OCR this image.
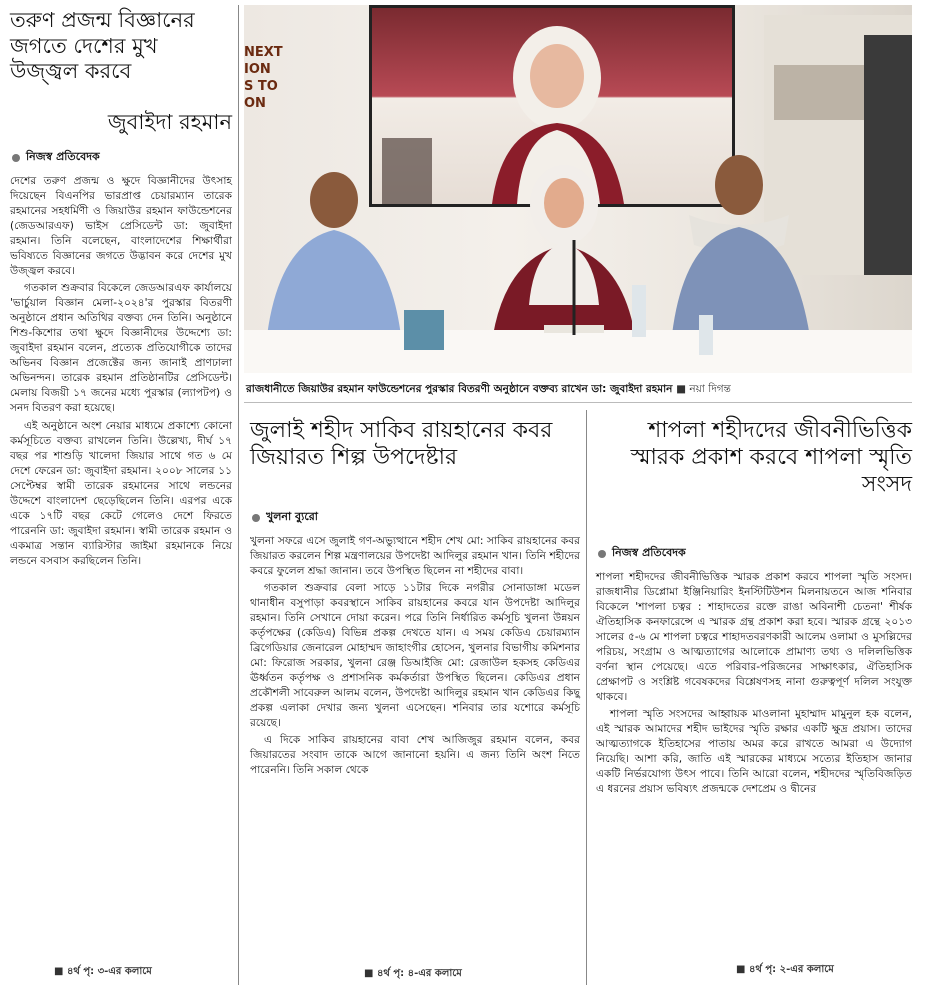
তরুণ প্রজন্ম বিজ্ঞানের জগতে দেশের মুখ উজ্জ্বল করবে
জুবাইদা রহমান
নিজস্ব প্রতিবেদক

দেশের তরুণ প্রজন্ম ও ক্ষুদে বিজ্ঞানীদের উৎসাহ দিয়েছেন বিএনপির ভারপ্রাপ্ত চেয়ারম্যান তারেক রহমানের সহধর্মিণী ও জিয়াউর রহমান ফাউন্ডেশনের (জেডআরএফ) ভাইস প্রেসিডেন্ট ডা: জুবাইদা রহমান। তিনি বলেছেন, বাংলাদেশের শিক্ষার্থীরা ভবিষ্যতে বিজ্ঞানের জগতে উদ্ভাবন করে দেশের মুখ উজ্জ্বল করবে।

গতকাল শুক্রবার বিকেলে জেডআরএফ কার্যালয়ে 'ভার্চুয়াল বিজ্ঞান মেলা-২০২৪'র পুরস্কার বিতরণী অনুষ্ঠানে প্রধান অতিথির বক্তব্য দেন তিনি। অনুষ্ঠানে শিশু-কিশোর তথা ক্ষুদে বিজ্ঞানীদের উদ্দেশ্যে ডা: জুবাইদা রহমান বলেন, প্রত্যেক প্রতিযোগীকে তাদের অভিনব বিজ্ঞান প্রজেক্টের জন্য জানাই প্রাণঢালা অভিনন্দন। তারেক রহমান প্রতিষ্ঠানটির প্রেসিডেন্ট। মেলায় বিজয়ী ১৭ জনের মধ্যে পুরস্কার (ল্যাপটপ) ও সনদ বিতরণ করা হয়েছে।

এই অনুষ্ঠানে অংশ নেয়ার মাধ্যমে প্রকাশ্যে কোনো কর্মসূচিতে বক্তব্য রাখলেন তিনি। উল্লেখ্য, দীর্ঘ ১৭ বছর পর শাশুড়ি খালেদা জিয়ার সাথে গত ৬ মে দেশে ফেরেন ডা: জুবাইদা রহমান। ২০০৮ সালের ১১ সেপ্টেম্বর স্বামী তারেক রহমানের সাথে লন্ডনের উদ্দেশে বাংলাদেশ ছেড়েছিলেন তিনি। এরপর একে একে ১৭টি বছর কেটে গেলেও দেশে ফিরতে পারেননি ডা: জুবাইদা রহমান। স্বামী তারেক রহমান ও একমাত্র সন্তান ব্যারিস্টার জাইমা রহমানকে নিয়ে লন্ডনে বসবাস করছিলেন তিনি।

■ ৪র্থ পৃ: ৩-এর কলামে
NEXT
ION
S TO
ON
রাজধানীতে জিয়াউর রহমান ফাউন্ডেশনের পুরস্কার বিতরণী অনুষ্ঠানে বক্তব্য রাখেন ডা: জুবাইদা রহমান ■ নয়া দিগন্ত
জুলাই শহীদ সাকিব রায়হানের কবর জিয়ারত শিল্প উপদেষ্টার
খুলনা ব্যুরো

খুলনা সফরে এসে জুলাই গণ-অভ্যুত্থানে শহীদ শেখ মো: সাকিব রায়হানের কবর জিয়ারত করলেন শিল্প মন্ত্রণালয়ের উপদেষ্টা আদিলুর রহমান খান। তিনি শহীদের কবরে ফুলেল শ্রদ্ধা জানান। তবে উপস্থিত ছিলেন না শহীদের বাবা।

গতকাল শুক্রবার বেলা সাড়ে ১১টার দিকে নগরীর সোনাডাঙ্গা মডেল থানাধীন বসুপাড়া কবরস্থানে সাকিব রায়হানের কবরে যান উপদেষ্টা আদিলুর রহমান। তিনি সেখানে দোয়া করেন। পরে তিনি নির্ধারিত কর্মসূচি খুলনা উন্নয়ন কর্তৃপক্ষের (কেডিএ) বিভিন্ন প্রকল্প দেখতে যান। এ সময় কেডিএ চেয়ারম্যান ব্রিগেডিয়ার জেনারেল মোহাম্মদ জাহাংগীর হোসেন, খুলনার বিভাগীয় কমিশনার মো: ফিরোজ সরকার, খুলনা রেঞ্জ ডিআইজি মো: রেজাউল হকসহ কেডিএর ঊর্ধ্বতন কর্তৃপক্ষ ও প্রশাসনিক কর্মকর্তারা উপস্থিত ছিলেন। কেডিএর প্রধান প্রকৌশলী সাবেরুল আলম বলেন, উপদেষ্টা আদিলুর রহমান খান কেডিএর কিছু প্রকল্প এলাকা দেখার জন্য খুলনা এসেছেন। শনিবার তার যশোরে কর্মসূচি রয়েছে।

এ দিকে সাকিব রায়হানের বাবা শেখ আজিজুর রহমান বলেন, কবর জিয়ারতের সংবাদ তাকে আগে জানানো হয়নি। এ জন্য তিনি অংশ নিতে পারেননি। তিনি সকাল থেকে

■ ৪র্থ পৃ: ৪-এর কলামে
শাপলা শহীদদের জীবনীভিত্তিক স্মারক প্রকাশ করবে শাপলা স্মৃতি সংসদ
নিজস্ব প্রতিবেদক

শাপলা শহীদদের জীবনীভিত্তিক স্মারক প্রকাশ করবে শাপলা স্মৃতি সংসদ। রাজধানীর ডিপ্লোমা ইঞ্জিনিয়ারিং ইনস্টিটিউশন মিলনায়তনে আজ শনিবার বিকেলে 'শাপলা চত্বর : শাহাদতের রক্তে রাঙা অবিনাশী চেতনা' শীর্ষক ঐতিহাসিক কনফারেন্সে এ স্মারক গ্রন্থ প্রকাশ করা হবে। স্মারক গ্রন্থে ২০১৩ সালের ৫-৬ মে শাপলা চত্বরে শাহাদতবরণকারী আলেম ওলামা ও মুসল্লিদের পরিচয়, সংগ্রাম ও আত্মত্যাগের আলোকে প্রামাণ্য তথ্য ও দলিলভিত্তিক বর্ণনা স্থান পেয়েছে। এতে পরিবার-পরিজনের সাক্ষাৎকার, ঐতিহাসিক প্রেক্ষাপট ও সংশ্লিষ্ট গবেষকদের বিশ্লেষণসহ নানা গুরুত্বপূর্ণ দলিল সংযুক্ত থাকবে।

শাপলা স্মৃতি সংসদের আহ্বায়ক মাওলানা মুহাম্মাদ মামুনুল হক বলেন, এই স্মারক আমাদের শহীদ ভাইদের স্মৃতি রক্ষার একটি ক্ষুদ্র প্রয়াস। তাদের আত্মত্যাগকে ইতিহাসের পাতায় অমর করে রাখতে আমরা এ উদ্যোগ নিয়েছি। আশা করি, জাতি এই স্মারকের মাধ্যমে সত্যের ইতিহাস জানার একটি নির্ভরযোগ্য উৎস পাবে। তিনি আরো বলেন, শহীদদের স্মৃতিবিজড়িত এ ধরনের প্রয়াস ভবিষ্যৎ প্রজন্মকে দেশপ্রেম ও দ্বীনের

■ ৪র্থ পৃ: ২-এর কলামে
